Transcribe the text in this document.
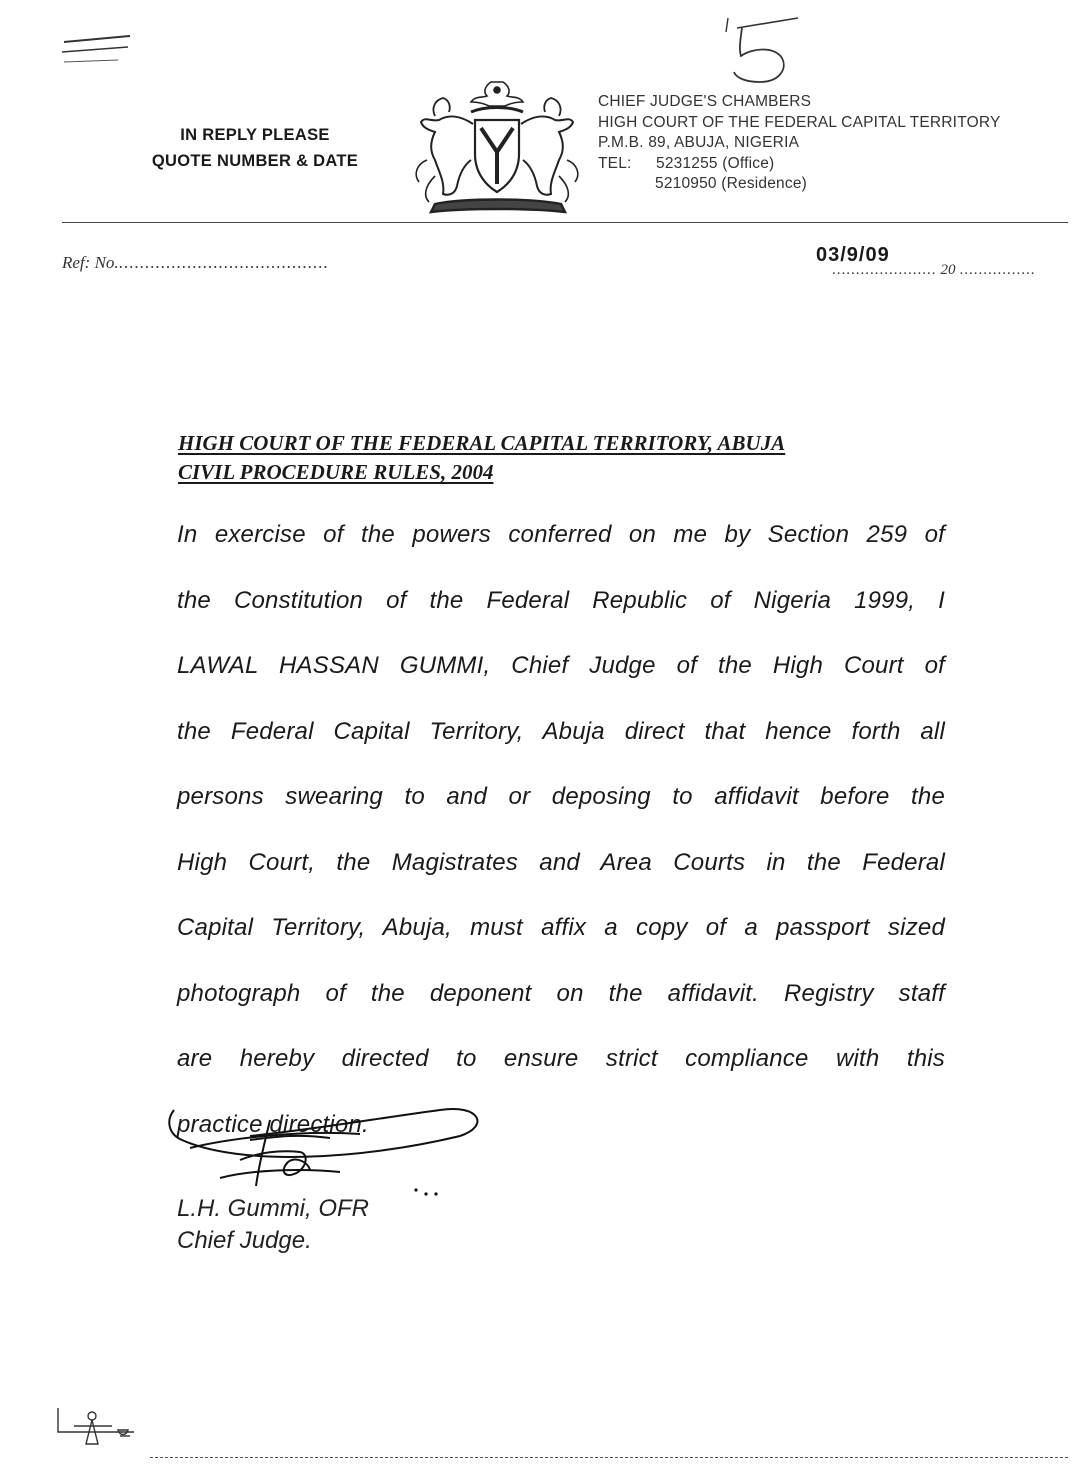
IN REPLY PLEASE
QUOTE NUMBER & DATE
CHIEF JUDGE'S CHAMBERS
HIGH COURT OF THE FEDERAL CAPITAL TERRITORY
P.M.B. 89, ABUJA, NIGERIA
TEL:	5231255 (Office)
5210950 (Residence)
Ref: No.........................................	03/9/09
...................... 20 ................
HIGH COURT OF THE FEDERAL CAPITAL TERRITORY, ABUJA
CIVIL PROCEDURE RULES, 2004
In exercise of the powers conferred on me by Section 259 of
the Constitution of the Federal Republic of Nigeria 1999, I
LAWAL HASSAN GUMMI, Chief Judge of the High Court of
the Federal Capital Territory, Abuja direct that hence forth all
persons swearing to and or deposing to affidavit before the
High Court, the Magistrates and Area Courts in the Federal
Capital Territory, Abuja, must affix a copy of a passport sized
photograph of the deponent on the affidavit. Registry staff
are hereby directed to ensure strict compliance with this
practice direction.
L.H. Gummi, OFR
Chief Judge.
